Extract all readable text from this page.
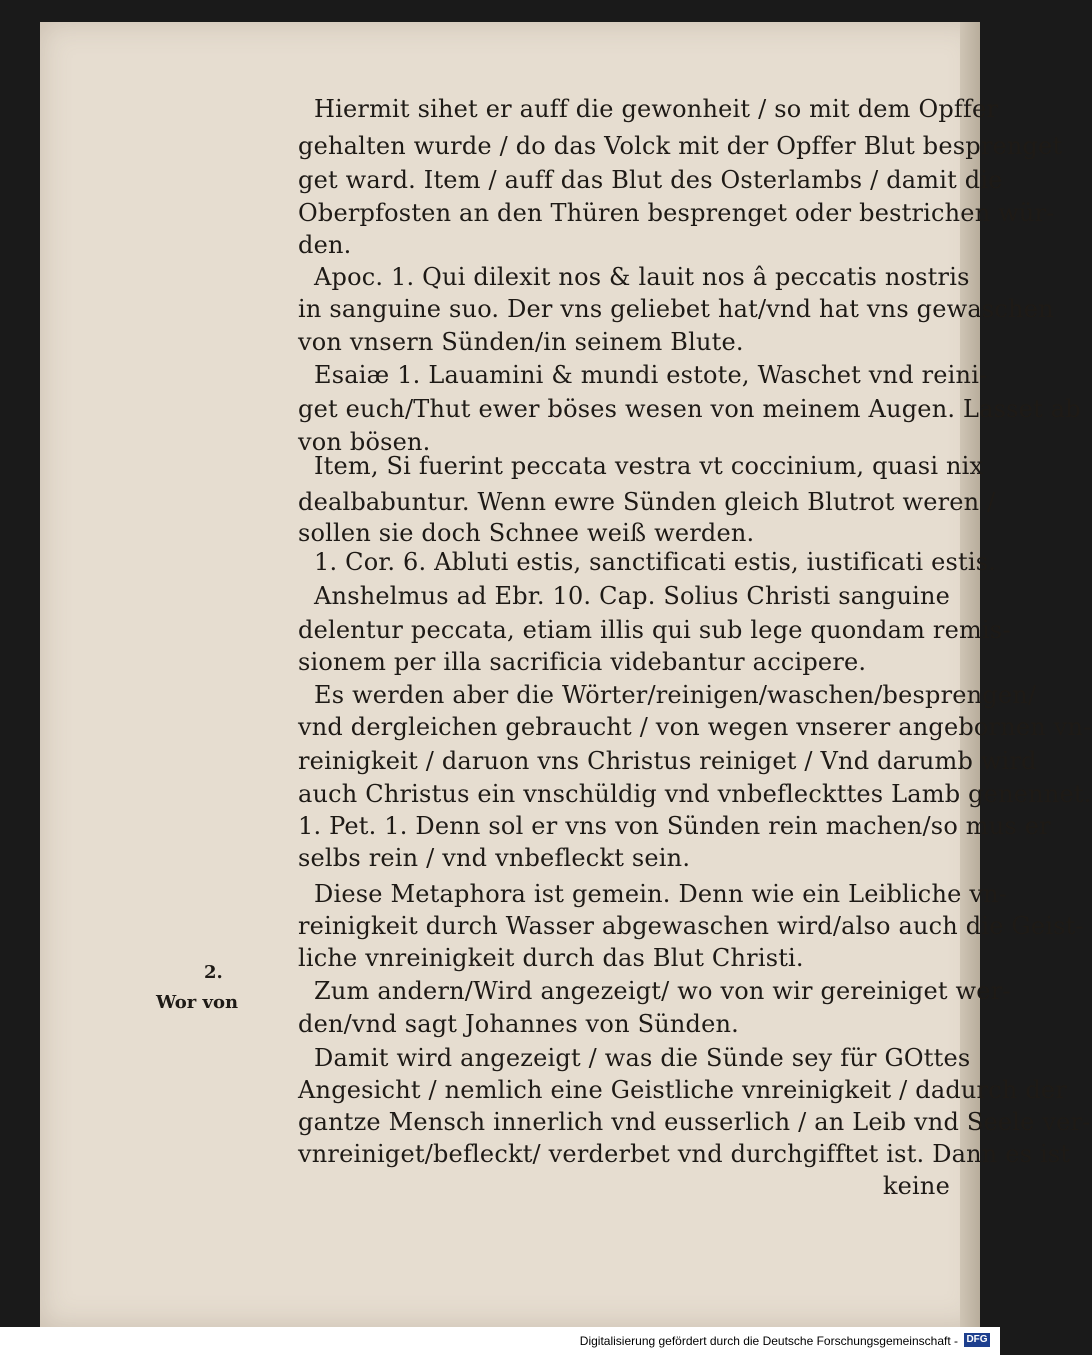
Hiermit sihet er auff die gewonheit / so mit dem Opffer
gehalten wurde / do das Volck mit der Opffer Blut besprenget
get ward. Item / auff das Blut des Osterlambs / damit die
Oberpfosten an den Thüren besprenget oder bestrichen wür-
den.
Apoc. 1. Qui dilexit nos & lauit nos â peccatis nostris
in sanguine suo. Der vns geliebet hat/vnd hat vns gewaschen
von vnsern Sünden/in seinem Blute.
Esaiæ 1. Lauamini & mundi estote, Waschet vnd reini-
get euch/Thut ewer böses wesen von meinem Augen. Lasset ab
von bösen.
Item, Si fuerint peccata vestra vt coccinium, quasi nix
dealbabuntur. Wenn ewre Sünden gleich Blutrot weren /
sollen sie doch Schnee weiß werden.
1. Cor. 6. Abluti estis, sanctificati estis, iustificati estis.
Anshelmus ad Ebr. 10. Cap. Solius Christi sanguine
delentur peccata, etiam illis qui sub lege quondam remis-
sionem per illa sacrificia videbantur accipere.
Es werden aber die Wörter/reinigen/waschen/besprengen/
vnd dergleichen gebraucht / von wegen vnserer angebornen vn-
reinigkeit / daruon vns Christus reiniget / Vnd darumb wird
auch Christus ein vnschüldig vnd vnbefleckttes Lamb genennet.
1. Pet. 1. Denn sol er vns von Sünden rein machen/so mus er
selbs rein / vnd vnbefleckt sein.
Diese Metaphora ist gemein. Denn wie ein Leibliche vn-
reinigkeit durch Wasser abgewaschen wird/also auch die Geist-
liche vnreinigkeit durch das Blut Christi.
Zum andern/Wird angezeigt/ wo von wir gereiniget wer-
den/vnd sagt Johannes von Sünden.
Damit wird angezeigt / was die Sünde sey für GOttes
Angesicht / nemlich eine Geistliche vnreinigkeit / dadurch der
gantze Mensch innerlich vnd eusserlich / an Leib vnd Seele ver-
vnreiniget/befleckt/ verderbet vnd durchgifftet ist. Dann es ist
keine
2.
Wor von
Digitalisierung gefördert durch die Deutsche Forschungsgemeinschaft - DFG
